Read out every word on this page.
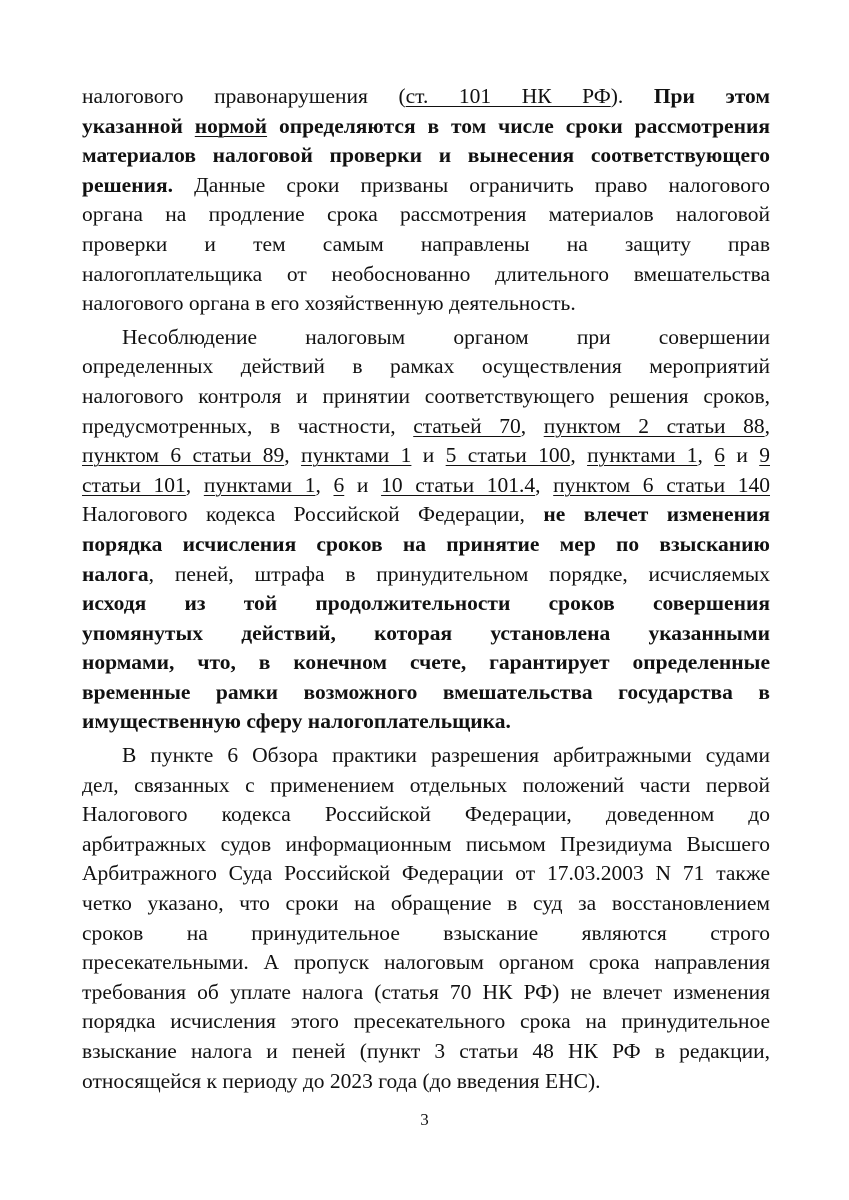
налогового правонарушения (ст. 101 НК РФ). При этом
указанной нормой определяются в том числе сроки рассмотрения
материалов налоговой проверки и вынесения соответствующего
решения. Данные сроки призваны ограничить право налогового
органа на продление срока рассмотрения материалов налоговой
проверки и тем самым направлены на защиту прав
налогоплательщика от необоснованно длительного вмешательства
налогового органа в его хозяйственную деятельность.
Несоблюдение налоговым органом при совершении
определенных действий в рамках осуществления мероприятий
налогового контроля и принятии соответствующего решения сроков,
предусмотренных, в частности, статьей 70, пунктом 2 статьи 88,
пунктом 6 статьи 89, пунктами 1 и 5 статьи 100, пунктами 1, 6 и 9
статьи 101, пунктами 1, 6 и 10 статьи 101.4, пунктом 6 статьи 140
Налогового кодекса Российской Федерации, не влечет изменения
порядка исчисления сроков на принятие мер по взысканию
налога, пеней, штрафа в принудительном порядке, исчисляемых
исходя из той продолжительности сроков совершения
упомянутых действий, которая установлена указанными
нормами, что, в конечном счете, гарантирует определенные
временные рамки возможного вмешательства государства в
имущественную сферу налогоплательщика.
В пункте 6 Обзора практики разрешения арбитражными судами
дел, связанных с применением отдельных положений части первой
Налогового кодекса Российской Федерации, доведенном до
арбитражных судов информационным письмом Президиума Высшего
Арбитражного Суда Российской Федерации от 17.03.2003 N 71 также
четко указано, что сроки на обращение в суд за восстановлением
сроков на принудительное взыскание являются строго
пресекательными. А пропуск налоговым органом срока направления
требования об уплате налога (статья 70 НК РФ) не влечет изменения
порядка исчисления этого пресекательного срока на принудительное
взыскание налога и пеней (пункт 3 статьи 48 НК РФ в редакции,
относящейся к периоду до 2023 года (до введения ЕНС).
3
